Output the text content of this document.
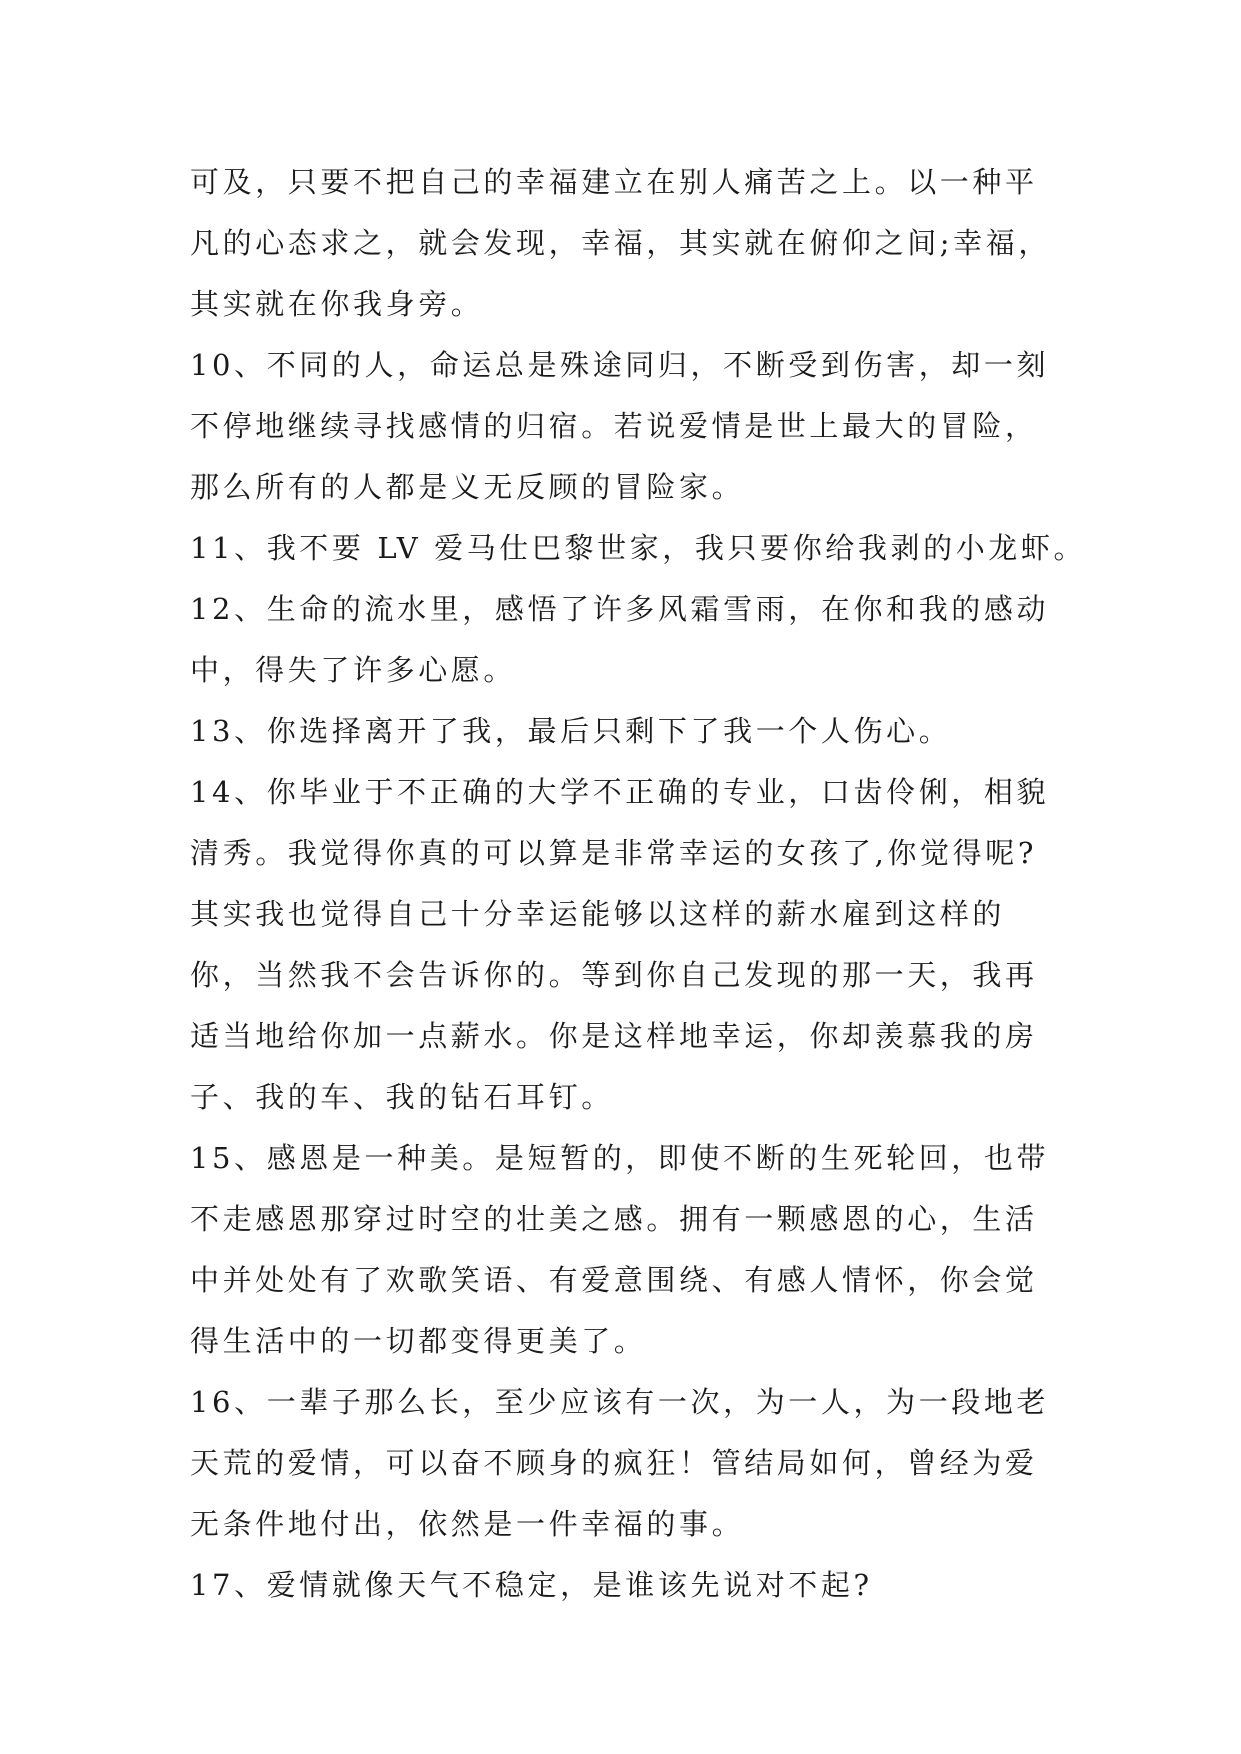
可及，只要不把自己的幸福建立在别人痛苦之上。以一种平
凡的心态求之，就会发现，幸福，其实就在俯仰之间;幸福，
其实就在你我身旁。
10、不同的人，命运总是殊途同归，不断受到伤害，却一刻
不停地继续寻找感情的归宿。若说爱情是世上最大的冒险，
那么所有的人都是义无反顾的冒险家。
11、我不要 LV 爱马仕巴黎世家，我只要你给我剥的小龙虾。
12、生命的流水里，感悟了许多风霜雪雨，在你和我的感动
中，得失了许多心愿。
13、你选择离开了我，最后只剩下了我一个人伤心。
14、你毕业于不正确的大学不正确的专业，口齿伶俐，相貌
清秀。我觉得你真的可以算是非常幸运的女孩了,你觉得呢?
其实我也觉得自己十分幸运能够以这样的薪水雇到这样的
你，当然我不会告诉你的。等到你自己发现的那一天，我再
适当地给你加一点薪水。你是这样地幸运，你却羡慕我的房
子、我的车、我的钻石耳钉。
15、感恩是一种美。是短暂的，即使不断的生死轮回，也带
不走感恩那穿过时空的壮美之感。拥有一颗感恩的心，生活
中并处处有了欢歌笑语、有爱意围绕、有感人情怀，你会觉
得生活中的一切都变得更美了。
16、一辈子那么长，至少应该有一次，为一人，为一段地老
天荒的爱情，可以奋不顾身的疯狂！管结局如何，曾经为爱
无条件地付出，依然是一件幸福的事。
17、爱情就像天气不稳定，是谁该先说对不起?
